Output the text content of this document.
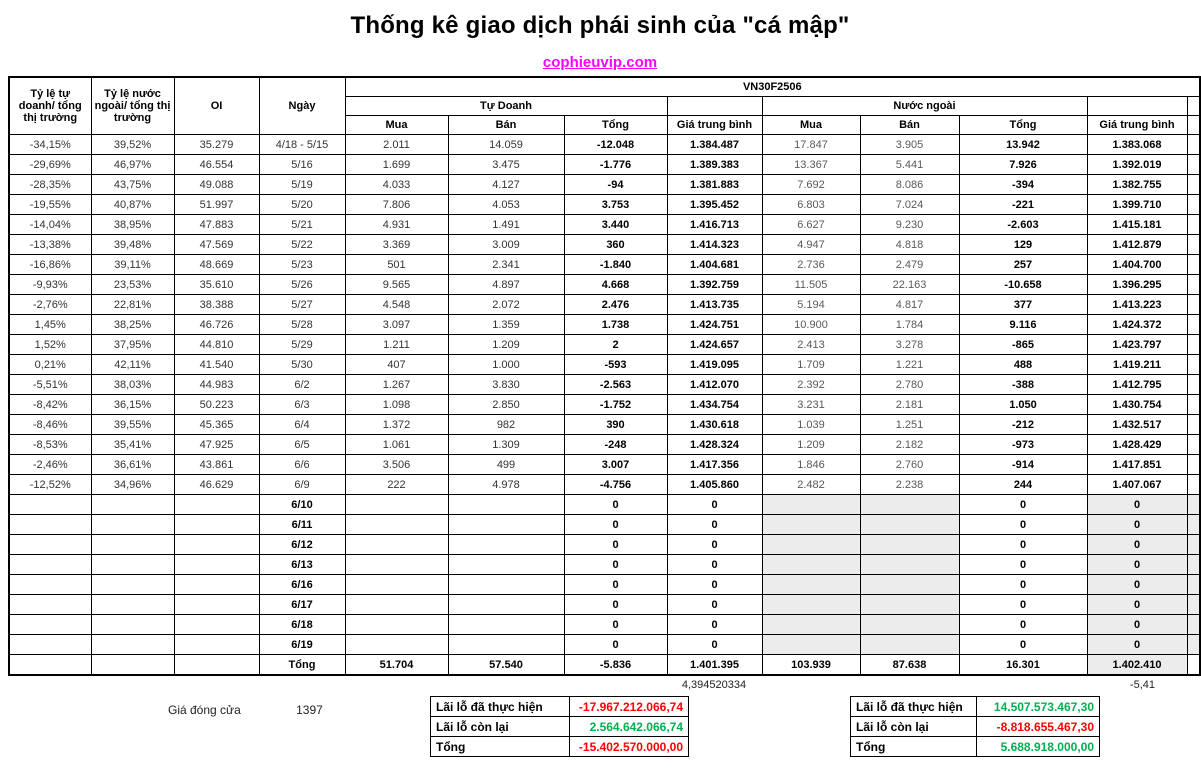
Thống kê giao dịch phái sinh của "cá mập"
cophieuvip.com
Tỷ lệ tự doanh/ tổng thị trường	Tỷ lệ nước ngoài/ tổng thị trường	OI	Ngày	VN30F2506								
				Tự Doanh				Nước ngoài				
				Mua	Bán	Tổng	Giá trung bình	Mua	Bán	Tổng	Giá trung bình	
-34,15%	39,52%	35.279	4/18 - 5/15	2.011	14.059	-12.048	1.384.487	17.847	3.905	13.942	1.383.068	
-29,69%	46,97%	46.554	5/16	1.699	3.475	-1.776	1.389.383	13.367	5.441	7.926	1.392.019	
-28,35%	43,75%	49.088	5/19	4.033	4.127	-94	1.381.883	7.692	8.086	-394	1.382.755	
-19,55%	40,87%	51.997	5/20	7.806	4.053	3.753	1.395.452	6.803	7.024	-221	1.399.710	
-14,04%	38,95%	47.883	5/21	4.931	1.491	3.440	1.416.713	6.627	9.230	-2.603	1.415.181	
-13,38%	39,48%	47.569	5/22	3.369	3.009	360	1.414.323	4.947	4.818	129	1.412.879	
-16,86%	39,11%	48.669	5/23	501	2.341	-1.840	1.404.681	2.736	2.479	257	1.404.700	
-9,93%	23,53%	35.610	5/26	9.565	4.897	4.668	1.392.759	11.505	22.163	-10.658	1.396.295	
-2,76%	22,81%	38.388	5/27	4.548	2.072	2.476	1.413.735	5.194	4.817	377	1.413.223	
1,45%	38,25%	46.726	5/28	3.097	1.359	1.738	1.424.751	10.900	1.784	9.116	1.424.372	
1,52%	37,95%	44.810	5/29	1.211	1.209	2	1.424.657	2.413	3.278	-865	1.423.797	
0,21%	42,11%	41.540	5/30	407	1.000	-593	1.419.095	1.709	1.221	488	1.419.211	
-5,51%	38,03%	44.983	6/2	1.267	3.830	-2.563	1.412.070	2.392	2.780	-388	1.412.795	
-8,42%	36,15%	50.223	6/3	1.098	2.850	-1.752	1.434.754	3.231	2.181	1.050	1.430.754	
-8,46%	39,55%	45.365	6/4	1.372	982	390	1.430.618	1.039	1.251	-212	1.432.517	
-8,53%	35,41%	47.925	6/5	1.061	1.309	-248	1.428.324	1.209	2.182	-973	1.428.429	
-2,46%	36,61%	43.861	6/6	3.506	499	3.007	1.417.356	1.846	2.760	-914	1.417.851	
-12,52%	34,96%	46.629	6/9	222	4.978	-4.756	1.405.860	2.482	2.238	244	1.407.067	
			6/10			0	0			0	0	
			6/11			0	0			0	0	
			6/12			0	0			0	0	
			6/13			0	0			0	0	
			6/16			0	0			0	0	
			6/17			0	0			0	0	
			6/18			0	0			0	0	
			6/19			0	0			0	0	
			Tổng	51.704	57.540	-5.836	1.401.395	103.939	87.638	16.301	1.402.410	
4,394520334	-5,41
Giá đóng cửa	1397	Lãi lỗ đã thực hiện	-17.967.212.066,74
Lãi lỗ còn lại	2.564.642.066,74
Tổng	-15.402.570.000,00
Lãi lỗ đã thực hiện	14.507.573.467,30
Lãi lỗ còn lại	-8.818.655.467,30
Tổng	5.688.918.000,00
